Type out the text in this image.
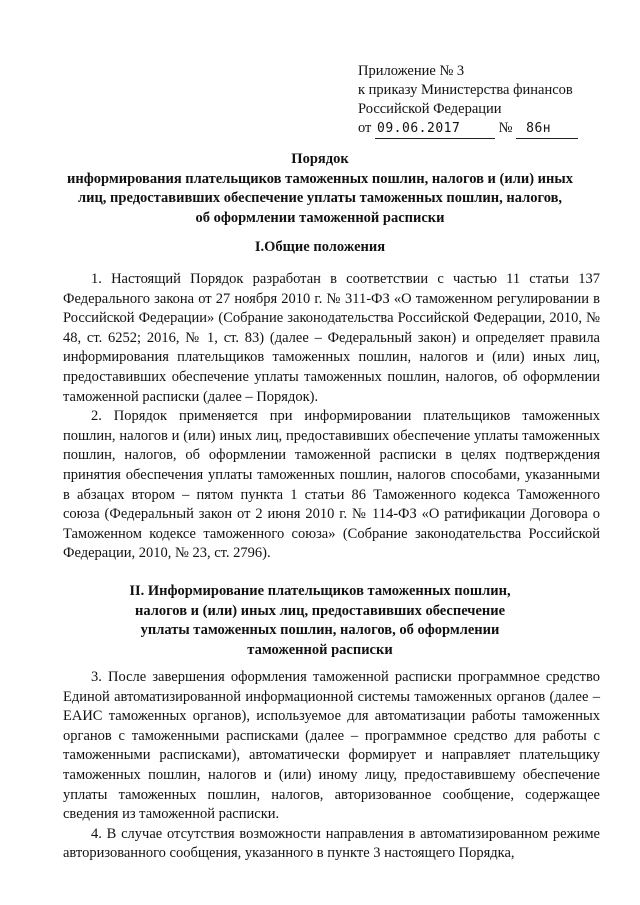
Приложение № 3
к приказу Министерства финансов
Российской Федерации
от 09.06.2017	№ 86н
Порядок
информирования плательщиков таможенных пошлин, налогов и (или) иных
лиц, предоставивших обеспечение уплаты таможенных пошлин, налогов,
об оформлении таможенной расписки
I.Общие положения

1. Настоящий Порядок разработан в соответствии с частью 11 статьи 137 Федерального закона от 27 ноября 2010 г. № 311-ФЗ «О таможенном регулировании в Российской Федерации» (Собрание законодательства Российской Федерации, 2010, № 48, ст. 6252; 2016, № 1, ст. 83) (далее – Федеральный закон) и определяет правила информирования плательщиков таможенных пошлин, налогов и (или) иных лиц, предоставивших обеспечение уплаты таможенных пошлин, налогов, об оформлении таможенной расписки (далее – Порядок).

2. Порядок применяется при информировании плательщиков таможенных пошлин, налогов и (или) иных лиц, предоставивших обеспечение уплаты таможенных пошлин, налогов, об оформлении таможенной расписки в целях подтверждения принятия обеспечения уплаты таможенных пошлин, налогов способами, указанными в абзацах втором – пятом пункта 1 статьи 86 Таможенного кодекса Таможенного союза (Федеральный закон от 2 июня 2010 г. № 114-ФЗ «О ратификации Договора о Таможенном кодексе таможенного союза» (Собрание законодательства Российской Федерации, 2010, № 23, ст. 2796).

II. Информирование плательщиков таможенных пошлин,
налогов и (или) иных лиц, предоставивших обеспечение
уплаты таможенных пошлин, налогов, об оформлении
таможенной расписки

3. После завершения оформления таможенной расписки программное средство Единой автоматизированной информационной системы таможенных органов (далее – ЕАИС таможенных органов), используемое для автоматизации работы таможенных органов с таможенными расписками (далее – программное средство для работы с таможенными расписками), автоматически формирует и направляет плательщику таможенных пошлин, налогов и (или) иному лицу, предоставившему обеспечение уплаты таможенных пошлин, налогов, авторизованное сообщение, содержащее сведения из таможенной расписки.

4. В случае отсутствия возможности направления в автоматизированном режиме авторизованного сообщения, указанного в пункте 3 настоящего Порядка,
